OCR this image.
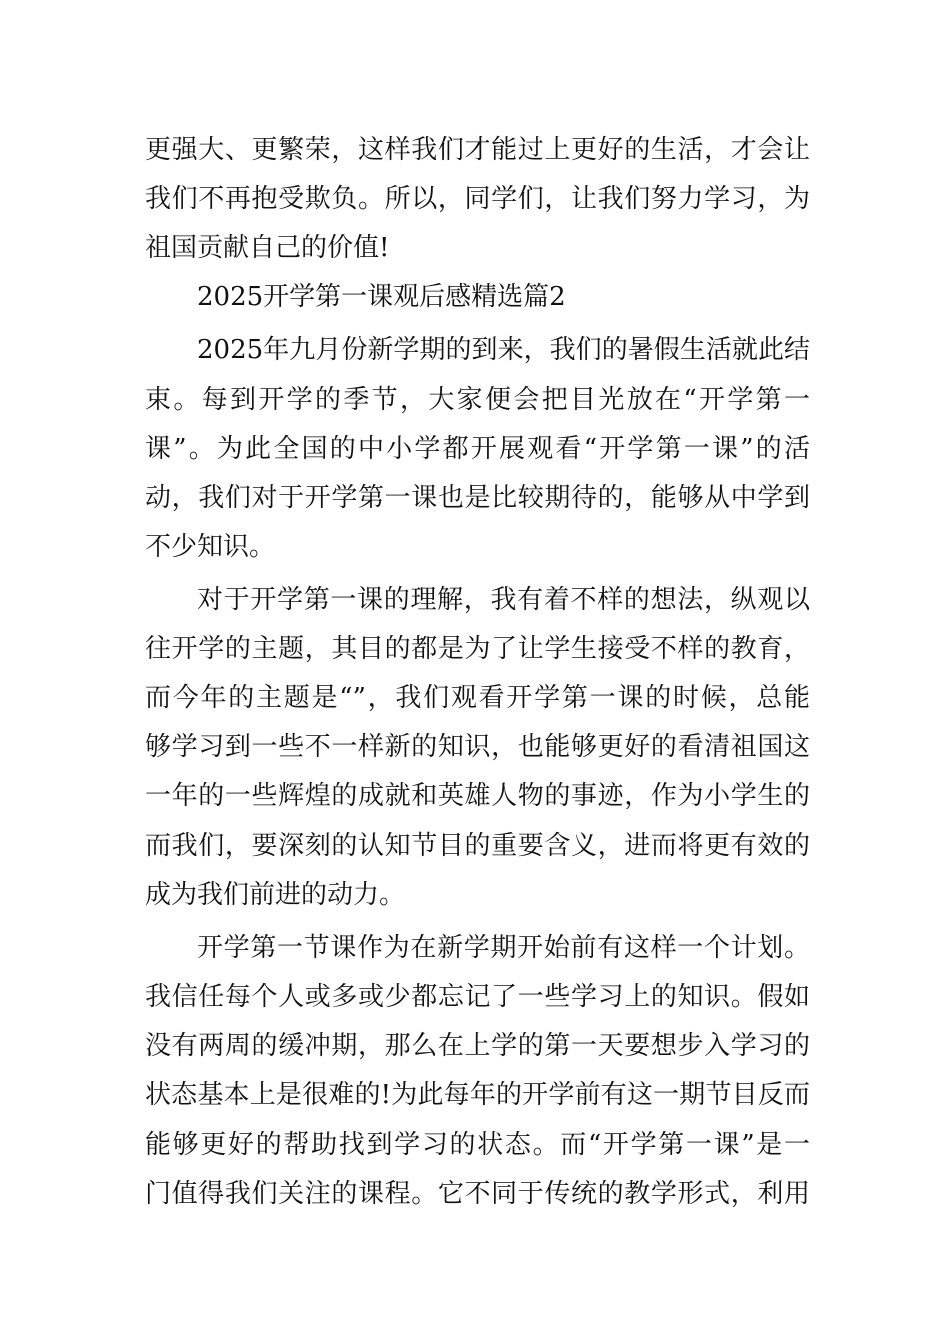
更强大、更繁荣，这样我们才能过上更好的生活，才会让
我们不再抱受欺负。所以，同学们，让我们努力学习，为
祖国贡献自己的价值!
2025开学第一课观后感精选篇2
2025年九月份新学期的到来，我们的暑假生活就此结
束。每到开学的季节，大家便会把目光放在“开学第一
课”。为此全国的中小学都开展观看“开学第一课”的活
动，我们对于开学第一课也是比较期待的，能够从中学到
不少知识。
对于开学第一课的理解，我有着不样的想法，纵观以
往开学的主题，其目的都是为了让学生接受不样的教育，
而今年的主题是“”，我们观看开学第一课的时候，总能
够学习到一些不一样新的知识，也能够更好的看清祖国这
一年的一些辉煌的成就和英雄人物的事迹，作为小学生的
而我们，要深刻的认知节目的重要含义，进而将更有效的
成为我们前进的动力。
开学第一节课作为在新学期开始前有这样一个计划。
我信任每个人或多或少都忘记了一些学习上的知识。假如
没有两周的缓冲期，那么在上学的第一天要想步入学习的
状态基本上是很难的!为此每年的开学前有这一期节目反而
能够更好的帮助找到学习的状态。而“开学第一课”是一
门值得我们关注的课程。它不同于传统的教学形式，利用
